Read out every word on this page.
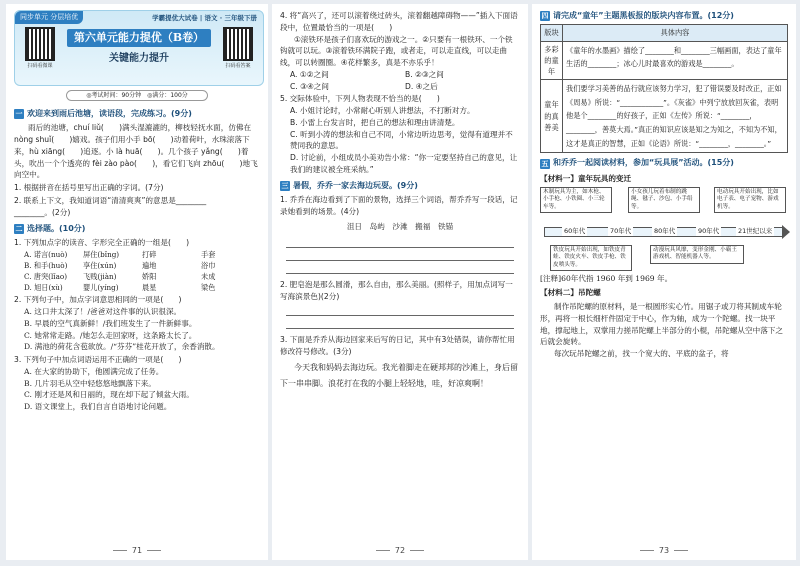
同步单元 分层培优	学霸提优大试卷 | 语文 · 三年级下册
扫码看微课
第六单元能力提优（B卷）
关键能力提升
扫码看答案
◎考试时间：90分钟　◎满分：100分
一 欢迎来到雨后池塘，读语段，完成练习。(9分)
雨后的池塘，chuí liǔ(　　)满头湿漉漉的，柳枝轻抚水面，仿佛在 nòng shuǐ(　　)嬉戏。孩子们用小手 bō(　　)动着荷叶，水珠滚落下来，hù xiāng(　　)追逐。小 là huā(　　)。几个孩子 yǎng(　　)着头，吹出一个个透亮的 fèi zào pào(　　)，看它们飞向 zhōu(　　)地飞向空中。
1. 根据拼音在括号里写出正确的字词。(7分)
2. 联系上下文，我知道词语“清清爽爽”的意思是________
________。(2分)
二 选择题。(10分)
1. 下列加点字的读音、字形完全正确的一组是(　　)
A. 诺言(nuò)	屏住(bǐng)	打碎	手套
B. 和手(huò)	享住(xún)	遍地	浴巾
C. 唐突(lǐao)	飞贱(jiàn)	娇阳	未成
D. 旭日(xù)	婴儿(yíng)	晨星	梁色
2. 下列句子中，加点字词意思相同的一项是(　　)
A. 这口井太深了！/爸爸对这件事的认识很深。
B. 早晨的空气真新鲜！/我们班发生了一件新鲜事。
C. 她常常走路。/她怎么走回家呀，这条路太长了。
D. 满池的荷花含苞欲放。/“芬芬”桂花开放了，余香消散。
3. 下列句子中加点词语运用不正确的一项是(　　)
A. 在大家的协助下，他圆满完成了任务。
B. 几片羽毛从空中轻悠悠地飘落下来。
C. 刚才还是风和日丽的，现在却下起了倾盆大雨。
D. 语文课堂上，我们自言自语地讨论问题。
71
4. 将“高兴了，还可以滚着绕过砖头，滚着翻越障碍物——”插入下面语段中，位置最恰当的一项是(　　)
①滚铁环是孩子们喜欢玩的游戏之一。②只要有一根铁环、一个铁钩就可以玩。③滚着铁环满院子跑，或者走，可以走直线，可以走曲线，可以转圈圈。④花样繁多，真是不亦乐乎！
A. ①②之间	B. ②③之间
C. ③④之间	D. ④之后
5. 交际体验中，下列人物表现不恰当的是(　　)
A. 小姐讨论时，小常耐心听别人讲想法，不打断对方。
B. 小雷上台发言时，把自己的想法和理由讲清楚。
C. 听到小涛的想法和自己不同，小常边听边思考，觉得有道理并不赞同我的意思。
D. 讨论前，小组成员小美劝告小常：“你一定要坚持自己的意见，让我们的建议被全班采纳。”
三 暑假，乔乔一家去海边玩耍。(9分)
1. 乔乔在海边看到了下面的景物，选择三个词语，帮乔乔写一段话，记录她看到的场景。(4分)
沮日　岛屿　沙滩　搬福　铁锚
2. 肥皂泡是那么圆滑，那么自由，那么美丽。(照样子，用加点词写一写海滨景色)(2分)
3. 下面是乔乔从海边回家来后写的日记，其中有3处错误，请你帮忙用修改符号修改。(3分)
今天我和妈妈去海边玩。我光着脚走在硬邦邦的沙滩上，身后留下一串串脚。浪花打在我的小腿上轻轻地，哇，好凉爽啊！
72
四 请完成“童年”主题黑板报的版块内容布置。(12分)
版块	具体内容
多彩的童年	《童年的水墨画》描绘了________和________三幅画面，表达了童年生活的________；冰心儿时最喜欢的游戏是________。
童年的真善美	我们要学习美善的品行就应该努力学习，犯了错误要及时改正，正如《周易》所说：“____________”。《灰雀》中列宁放放回灰雀，表明他是个________的好孩子，正如《左传》所说：“________，________，善莫大焉。”真正的知识应该是知之为知之，不知为不知，这才是真正的智慧，正如《论语》所说：“________，________。”
五 和乔乔一起阅读材料，参加“玩具展”活动。(15分)
【材料一】童年玩具的变迁
木制玩具为主，如木枪、小手枪、小铁圈、小三轮车等。
小女孩儿玩着布制的跳绳、毽子、沙包、小手绢等。
电动玩具开始出现，比如电子表、电子宠物、游戏机等。
60年代	70年代	80年代	90年代	21世纪以来
铁皮玩具开始出现，如铁皮青蛙、铁皮火车、铁皮手枪、铁皮喷头等。
动漫玩具风靡，变形金刚、小霸王游戏机、智能机器人等。
[注释]60年代指 1960 年到 1969 年。
【材料二】吊陀螺
制作吊陀螺的原材料，是一根圆形实心竹。用锯子或刀将其制成车轮形，再将一根长细杆件固定于中心，作为轴，成为一个陀螺。找一块平地，撑起地上，双掌用力搓吊陀螺上半部分的小棍，吊陀螺从空中落下之后就会旋转。
每次玩吊陀螺之前，找一个宽大的、平底的盆子，将
73
